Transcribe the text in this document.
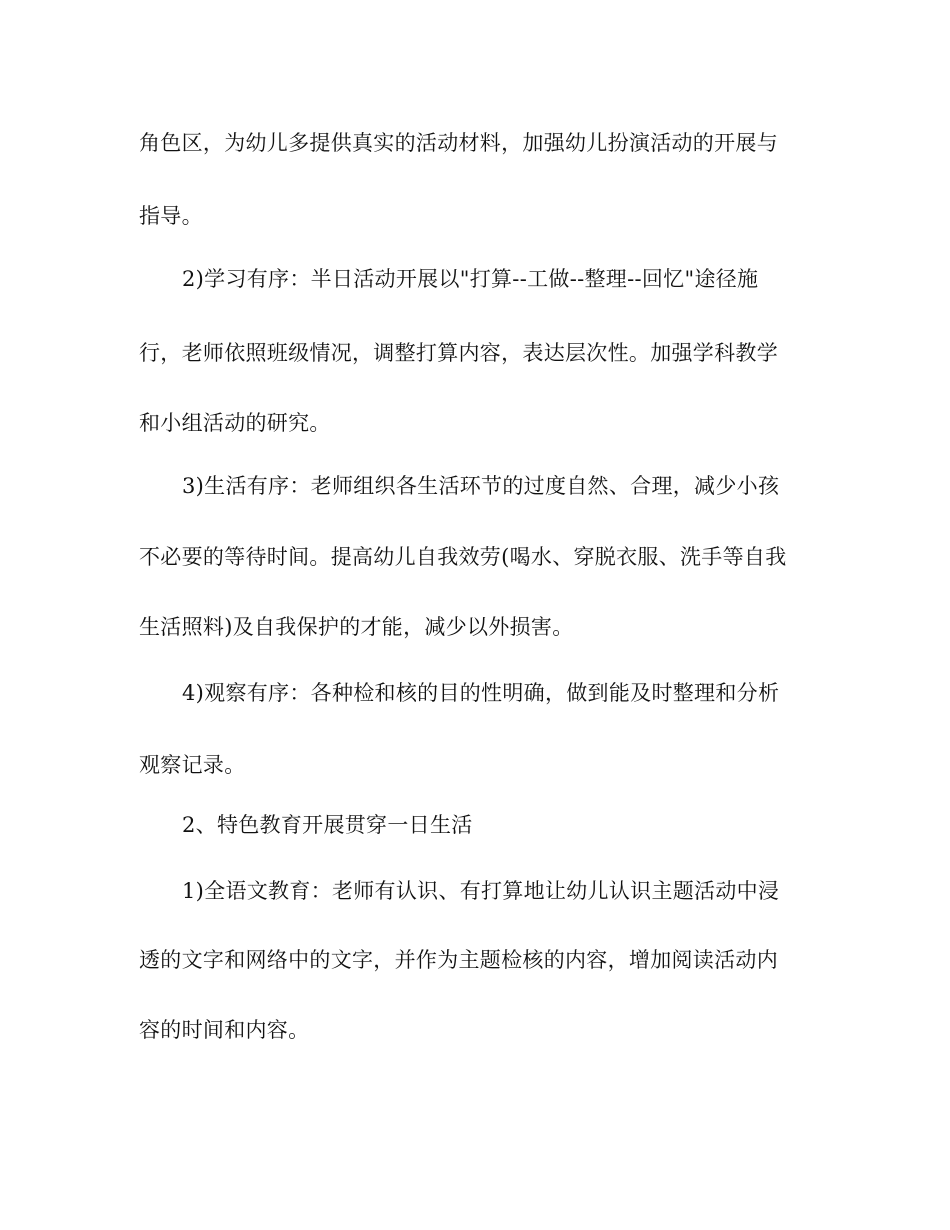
角色区，为幼儿多提供真实的活动材料，加强幼儿扮演活动的开展与
指导。
2)学习有序：半日活动开展以"打算--工做--整理--回忆"途径施
行，老师依照班级情况，调整打算内容，表达层次性。加强学科教学
和小组活动的研究。
3)生活有序：老师组织各生活环节的过度自然、合理，减少小孩
不必要的等待时间。提高幼儿自我效劳(喝水、穿脱衣服、洗手等自我
生活照料)及自我保护的才能，减少以外损害。
4)观察有序：各种检和核的目的性明确，做到能及时整理和分析
观察记录。
2、特色教育开展贯穿一日生活
1)全语文教育：老师有认识、有打算地让幼儿认识主题活动中浸
透的文字和网络中的文字，并作为主题检核的内容，增加阅读活动内
容的时间和内容。
